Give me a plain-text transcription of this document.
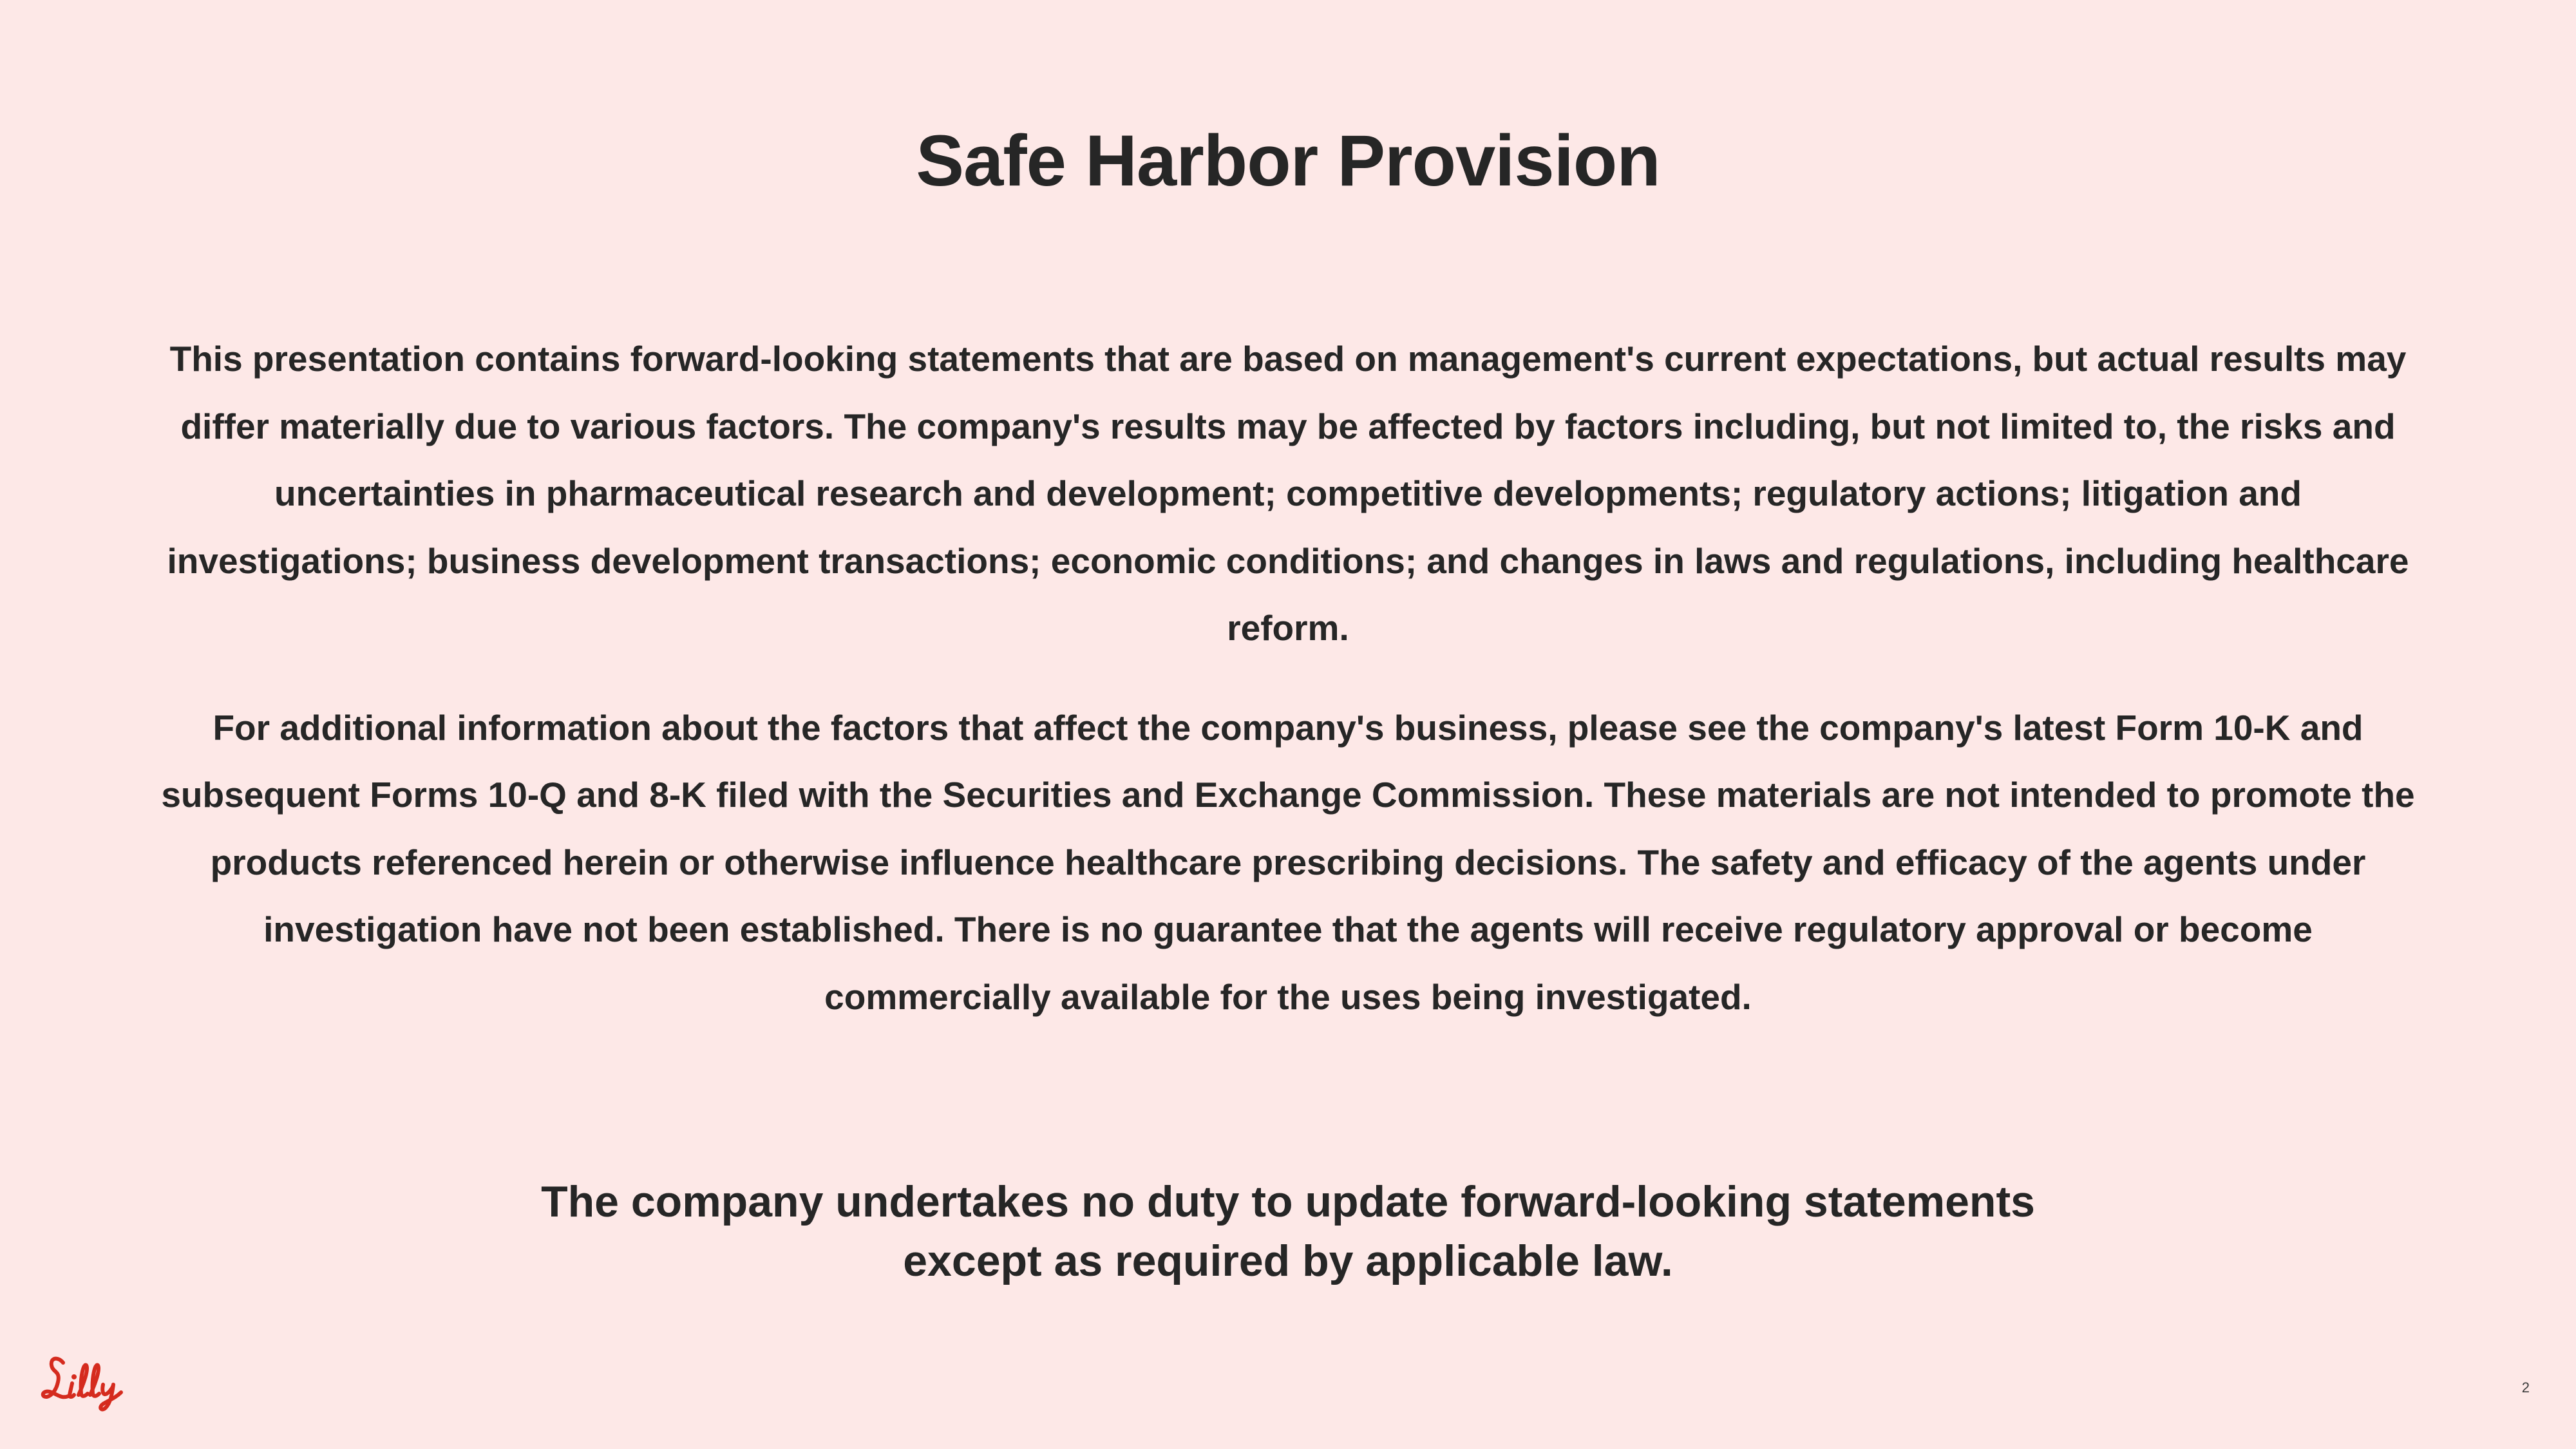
Safe Harbor Provision

This presentation contains forward-looking statements that are based on management's current expectations, but actual results may differ materially due to various factors. The company's results may be affected by factors including, but not limited to, the risks and uncertainties in pharmaceutical research and development; competitive developments; regulatory actions; litigation and investigations; business development transactions; economic conditions; and changes in laws and regulations, including healthcare reform.

For additional information about the factors that affect the company's business, please see the company's latest Form 10-K and subsequent Forms 10-Q and 8-K filed with the Securities and Exchange Commission. These materials are not intended to promote the products referenced herein or otherwise influence healthcare prescribing decisions. The safety and efficacy of the agents under investigation have not been established. There is no guarantee that the agents will receive regulatory approval or become commercially available for the uses being investigated.

The company undertakes no duty to update forward-looking statements
except as required by applicable law.
2
